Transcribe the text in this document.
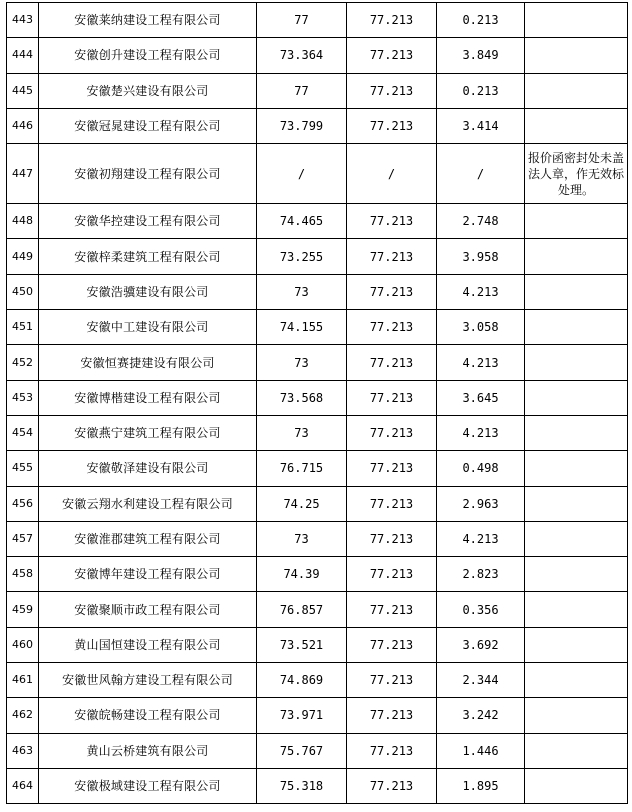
443	安徽莱纳建设工程有限公司	77	77.213	0.213	
444	安徽创升建设工程有限公司	73.364	77.213	3.849	
445	安徽楚兴建设有限公司	77	77.213	0.213	
446	安徽冠晁建设工程有限公司	73.799	77.213	3.414	
447	安徽初翔建设工程有限公司	/	/	/	报价函密封处未盖法人章，作无效标处理。
448	安徽华控建设工程有限公司	74.465	77.213	2.748	
449	安徽梓柔建筑工程有限公司	73.255	77.213	3.958	
450	安徽浩骥建设有限公司	73	77.213	4.213	
451	安徽中工建设有限公司	74.155	77.213	3.058	
452	安徽恒赛捷建设有限公司	73	77.213	4.213	
453	安徽博楷建设工程有限公司	73.568	77.213	3.645	
454	安徽燕宁建筑工程有限公司	73	77.213	4.213	
455	安徽敬泽建设有限公司	76.715	77.213	0.498	
456	安徽云翔水利建设工程有限公司	74.25	77.213	2.963	
457	安徽淮郡建筑工程有限公司	73	77.213	4.213	
458	安徽博年建设工程有限公司	74.39	77.213	2.823	
459	安徽聚顺市政工程有限公司	76.857	77.213	0.356	
460	黄山国恒建设工程有限公司	73.521	77.213	3.692	
461	安徽世风翰方建设工程有限公司	74.869	77.213	2.344	
462	安徽皖畅建设工程有限公司	73.971	77.213	3.242	
463	黄山云桥建筑有限公司	75.767	77.213	1.446	
464	安徽极域建设工程有限公司	75.318	77.213	1.895	
